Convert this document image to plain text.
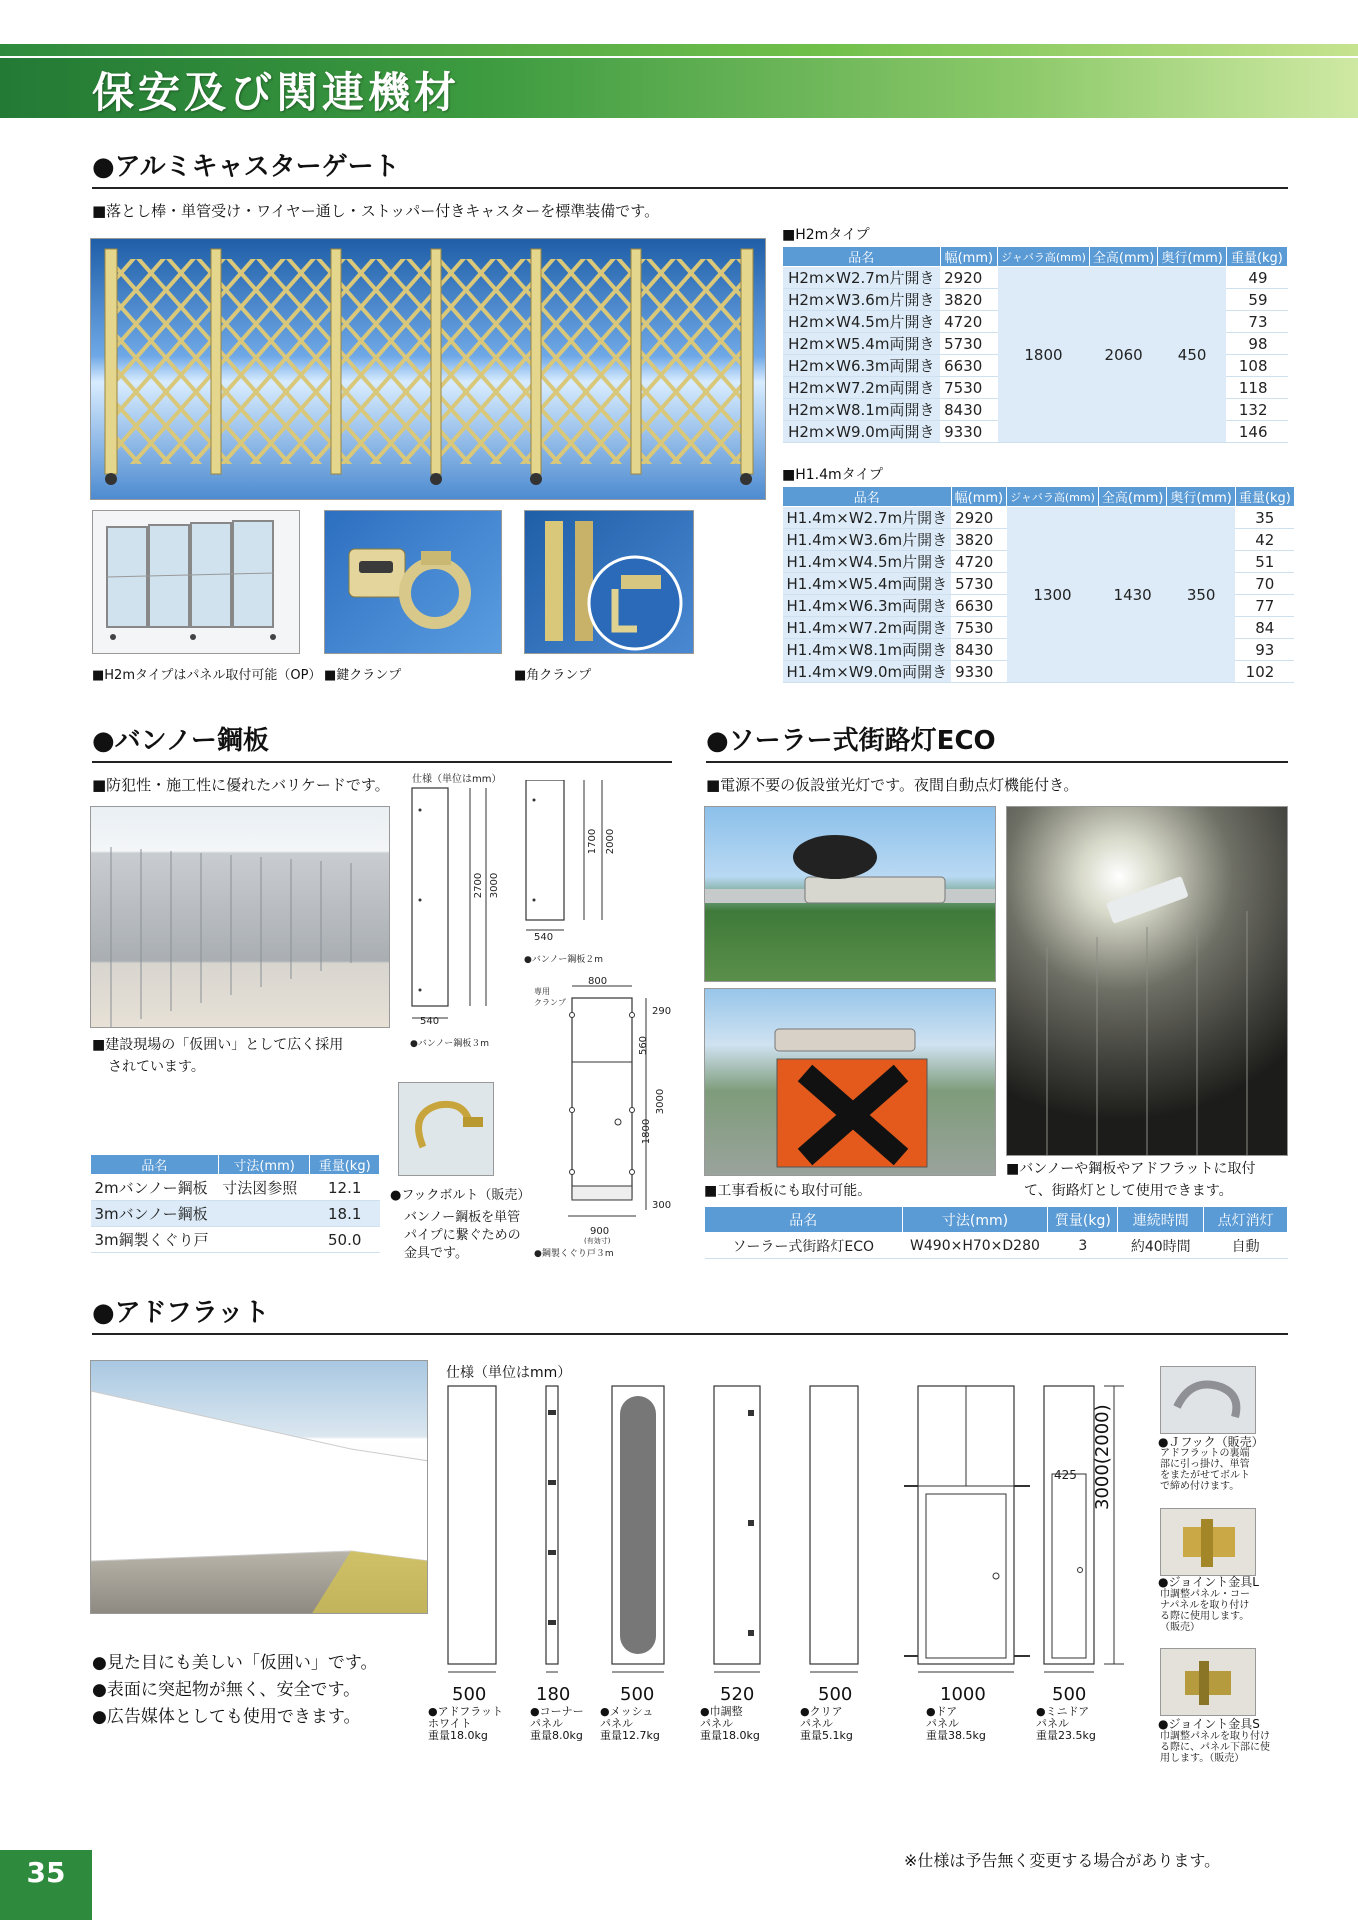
保安及び関連機材
●アルミキャスターゲート
■落とし棒・単管受け・ワイヤー通し・ストッパー付きキャスターを標準装備です。
■H2mタイプはパネル取付可能（OP） ■鍵クランプ	■角クランプ
■H2mタイプ
品名	幅(mm)	ジャバラ高(mm)	全高(mm)	奥行(mm)	重量(kg)
H2m×W2.7m片開き	2920	1800	2060	450	49
H2m×W3.6m片開き	3820				59
H2m×W4.5m片開き	4720				73
H2m×W5.4m両開き	5730				98
H2m×W6.3m両開き	6630				108
H2m×W7.2m両開き	7530				118
H2m×W8.1m両開き	8430				132
H2m×W9.0m両開き	9330				146
■H1.4mタイプ
品名	幅(mm)	ジャバラ高(mm)	全高(mm)	奥行(mm)	重量(kg)
H1.4m×W2.7m片開き	2920	1300	1430	350	35
H1.4m×W3.6m片開き	3820				42
H1.4m×W4.5m片開き	4720				51
H1.4m×W5.4m両開き	5730				70
H1.4m×W6.3m両開き	6630				77
H1.4m×W7.2m両開き	7530				84
H1.4m×W8.1m両開き	8430				93
H1.4m×W9.0m両開き	9330				102
●バンノー鋼板
■防犯性・施工性に優れたバリケードです。
■建設現場の「仮囲い」として広く採用
されています。
仕様（単位はmm）
540
2700 3000
●バンノー鋼板３m
540
1700 2000
●バンノー鋼板２m
800
専用
クランプ
290
560
1800
3000
300
900
(有効寸)
●鋼製くぐり戸３m
●フックボルト（販売）
バンノー鋼板を単管
パイプに繋ぐための
金具です。
品名	寸法(mm)	重量(kg)
2mバンノー鋼板	寸法図参照	12.1
3mバンノー鋼板		18.1
3m鋼製くぐり戸		50.0
●ソーラー式街路灯ECO
■電源不要の仮設蛍光灯です。夜間自動点灯機能付き。
■工事看板にも取付可能。
■バンノーや鋼板やアドフラットに取付
て、街路灯として使用できます。
品名	寸法(mm)	質量(kg)	連続時間	点灯消灯
ソーラー式街路灯ECO	W490×H70×D280	3	約40時間	自動
●アドフラット
●見た目にも美しい「仮囲い」です。
●表面に突起物が無く、安全です。
●広告媒体としても使用できます。
仕様（単位はmm）
3000(2000)
425
500
●アドフラット
ホワイト
重量18.0kg
180
●コーナー
パネル
重量8.0kg
500
●メッシュ
パネル
重量12.7kg
520
●巾調整
パネル
重量18.0kg
500
●クリア
パネル
重量5.1kg
1000
●ドア
パネル
重量38.5kg
500
●ミニドア
パネル
重量23.5kg
●Ｊフック（販売）
アドフラットの裏端
部に引っ掛け、単管
をまたがせてボルト
で締め付けます。
●ジョイント金具L
巾調整パネル・コー
ナパネルを取り付け
る際に使用します。
（販売）
●ジョイント金具S
巾調整パネルを取り付け
る際に、パネル下部に使
用します。（販売）
35	※仕様は予告無く変更する場合があります。
